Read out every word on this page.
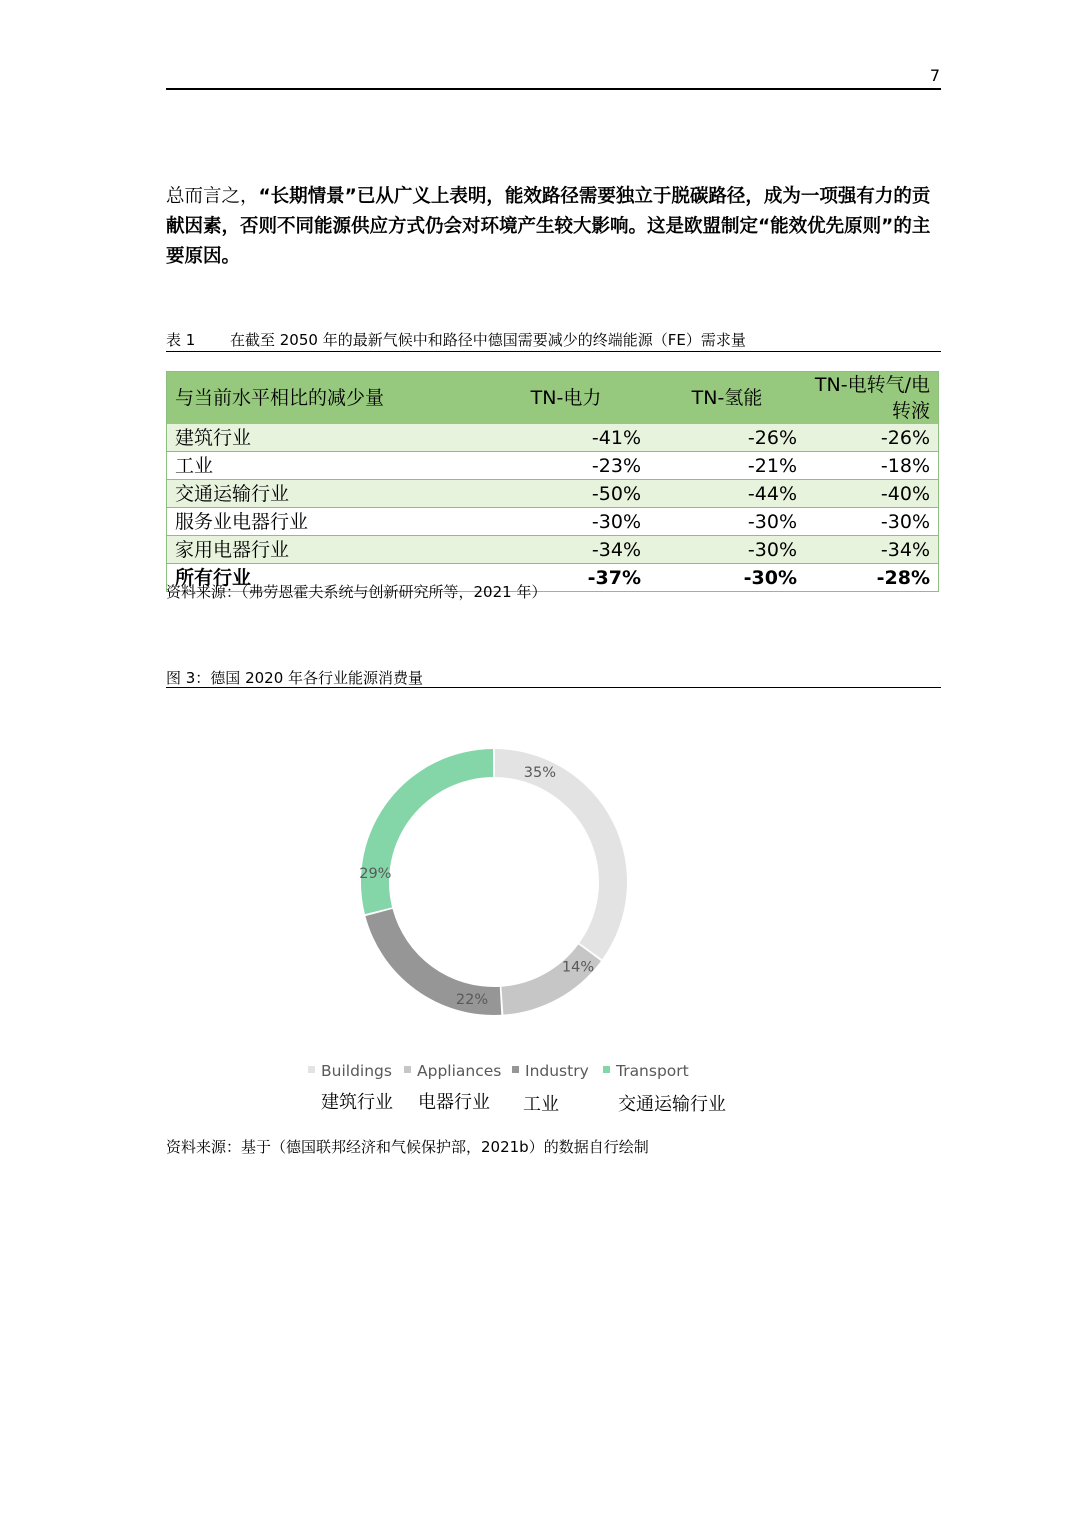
7
总而言之，“长期情景”已从广义上表明，能效路径需要独立于脱碳路径，成为一项强有力的贡献因素，否则不同能源供应方式仍会对环境产生较大影响。这是欧盟制定“能效优先原则”的主要原因。
表 1 在截至 2050 年的最新气候中和路径中德国需要减少的终端能源（FE）需求量
与当前水平相比的减少量	TN-电力	TN-氢能	TN-电转气/电转液
建筑行业	-41%	-26%	-26%
工业	-23%	-21%	-18%
交通运输行业	-50%	-44%	-40%
服务业电器行业	-30%	-30%	-30%
家用电器行业	-34%	-30%	-34%
所有行业	-37%	-30%	-28%
资料来源：（弗劳恩霍夫系统与创新研究所等，2021 年）
图 3：德国 2020 年各行业能源消费量
35%
14%
22%
29%
Buildings	Appliances	Industry	Transport
建筑行业 电器行业 工业	交通运输行业
资料来源：基于（德国联邦经济和气候保护部，2021b）的数据自行绘制
